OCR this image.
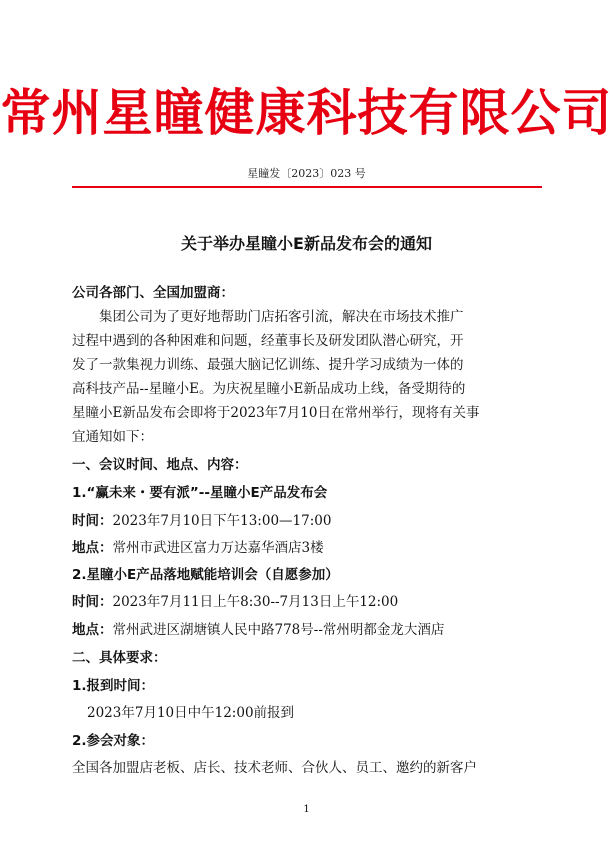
常州星瞳健康科技有限公司
星瞳发〔2023〕023 号
关于举办星瞳小E新品发布会的通知
公司各部门、全国加盟商：
集团公司为了更好地帮助门店拓客引流，解决在市场技术推广
过程中遇到的各种困难和问题，经董事长及研发团队潜心研究，开
发了一款集视力训练、最强大脑记忆训练、提升学习成绩为一体的
高科技产品--星瞳小E。为庆祝星瞳小E新品成功上线，备受期待的
星瞳小E新品发布会即将于2023年7月10日在常州举行，现将有关事
宜通知如下：
一、会议时间、地点、内容：
1.“赢未来・要有派”--星瞳小E产品发布会
时间：2023年7月10日下午13:00—17:00
地点：常州市武进区富力万达嘉华酒店3楼
2.星瞳小E产品落地赋能培训会（自愿参加）
时间：2023年7月11日上午8:30--7月13日上午12:00
地点：常州武进区湖塘镇人民中路778号--常州明都金龙大酒店
二、具体要求：
1.报到时间：
2023年7月10日中午12:00前报到
2.参会对象：
全国各加盟店老板、店长、技术老师、合伙人、员工、邀约的新客户
1
